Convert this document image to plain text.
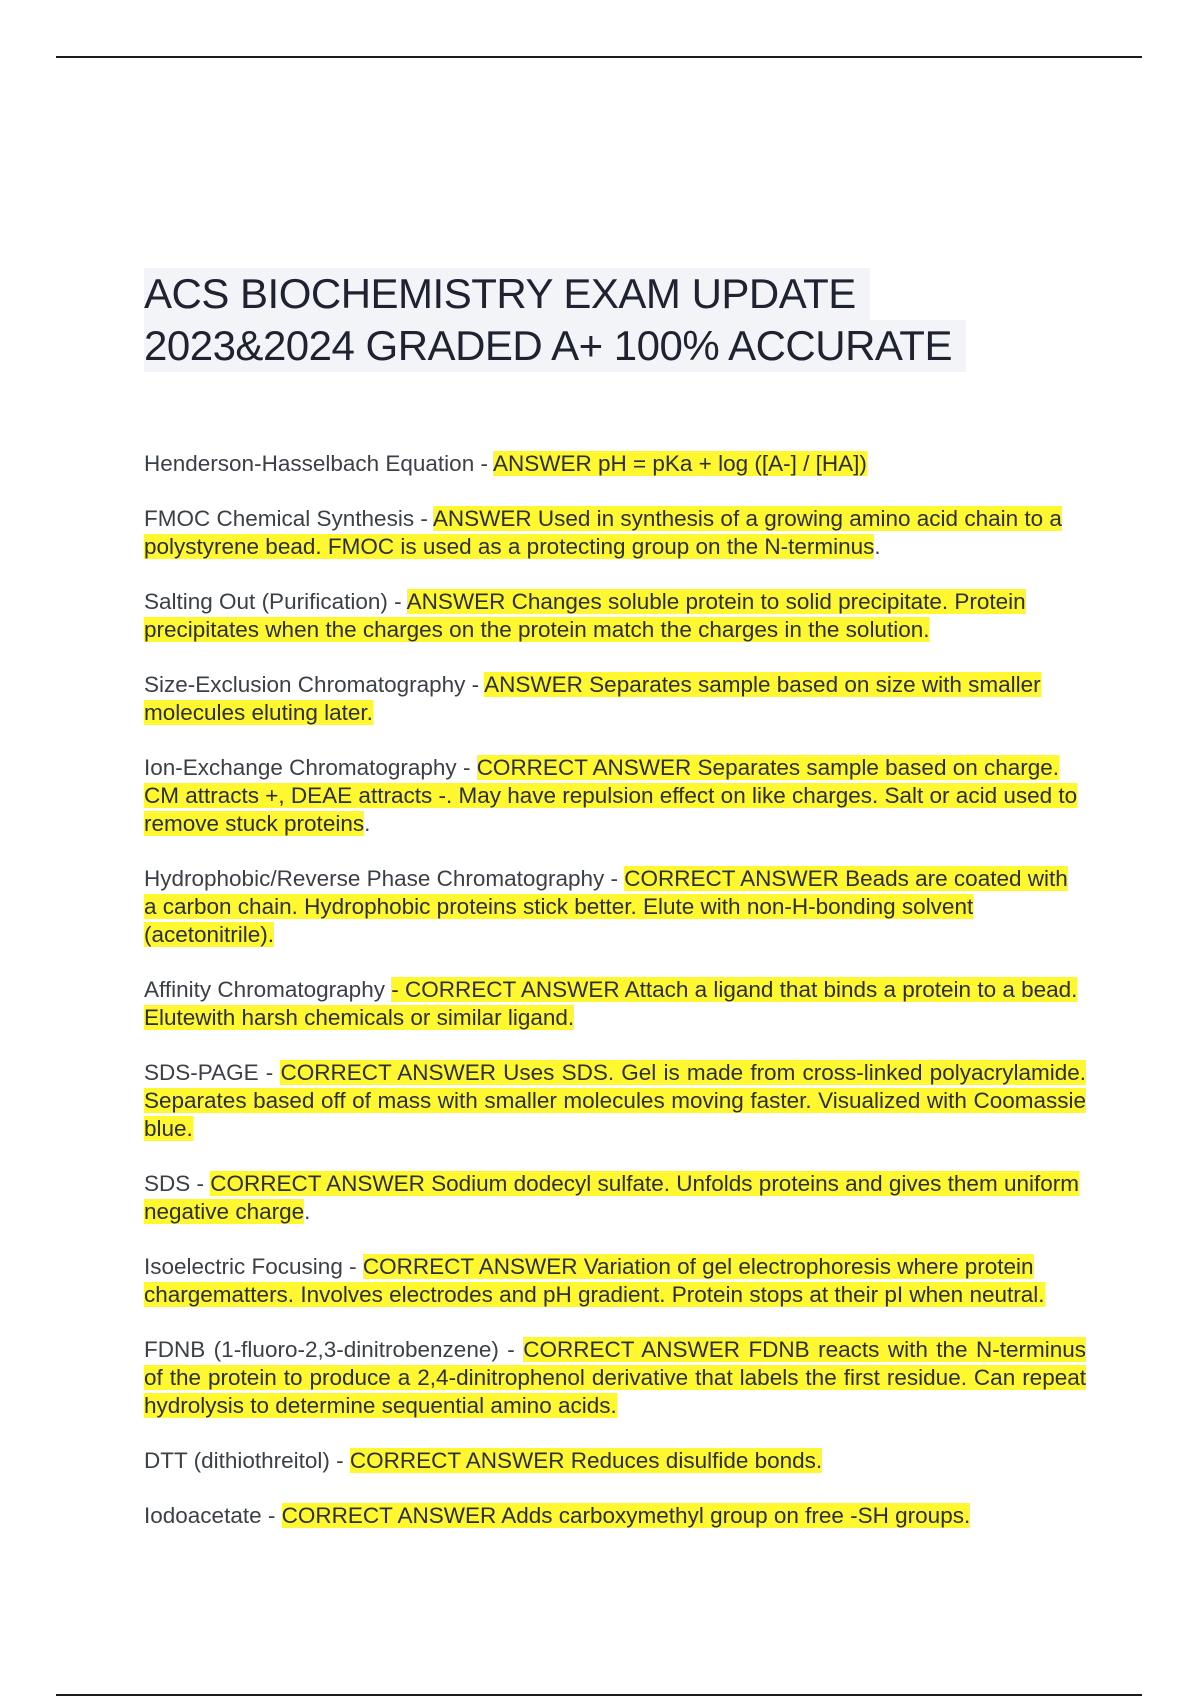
ACS BIOCHEMISTRY EXAM UPDATE
2023&2024 GRADED A+ 100% ACCURATE

Henderson-Hasselbach Equation - ANSWER pH = pKa + log ([A-] / [HA])

FMOC Chemical Synthesis - ANSWER Used in synthesis of a growing amino acid chain to a polystyrene bead. FMOC is used as a protecting group on the N-terminus.

Salting Out (Purification) - ANSWER Changes soluble protein to solid precipitate. Protein precipitates when the charges on the protein match the charges in the solution.

Size-Exclusion Chromatography - ANSWER Separates sample based on size with smaller molecules eluting later.

Ion-Exchange Chromatography - CORRECT ANSWER Separates sample based on charge. CM attracts +, DEAE attracts -. May have repulsion effect on like charges. Salt or acid used to remove stuck proteins.

Hydrophobic/Reverse Phase Chromatography - CORRECT ANSWER Beads are coated with a carbon chain. Hydrophobic proteins stick better. Elute with non-H-bonding solvent (acetonitrile).

Affinity Chromatography - CORRECT ANSWER Attach a ligand that binds a protein to a bead. Elutewith harsh chemicals or similar ligand.

SDS-PAGE - CORRECT ANSWER Uses SDS. Gel is made from cross-linked polyacrylamide. Separates based off of mass with smaller molecules moving faster. Visualized with Coomassie blue.

SDS - CORRECT ANSWER Sodium dodecyl sulfate. Unfolds proteins and gives them uniform negative charge.

Isoelectric Focusing - CORRECT ANSWER Variation of gel electrophoresis where protein chargematters. Involves electrodes and pH gradient. Protein stops at their pI when neutral.

FDNB (1-fluoro-2,3-dinitrobenzene) - CORRECT ANSWER FDNB reacts with the N-terminus of the protein to produce a 2,4-dinitrophenol derivative that labels the first residue. Can repeat hydrolysis to determine sequential amino acids.

DTT (dithiothreitol) - CORRECT ANSWER Reduces disulfide bonds.

Iodoacetate - CORRECT ANSWER Adds carboxymethyl group on free -SH groups.
